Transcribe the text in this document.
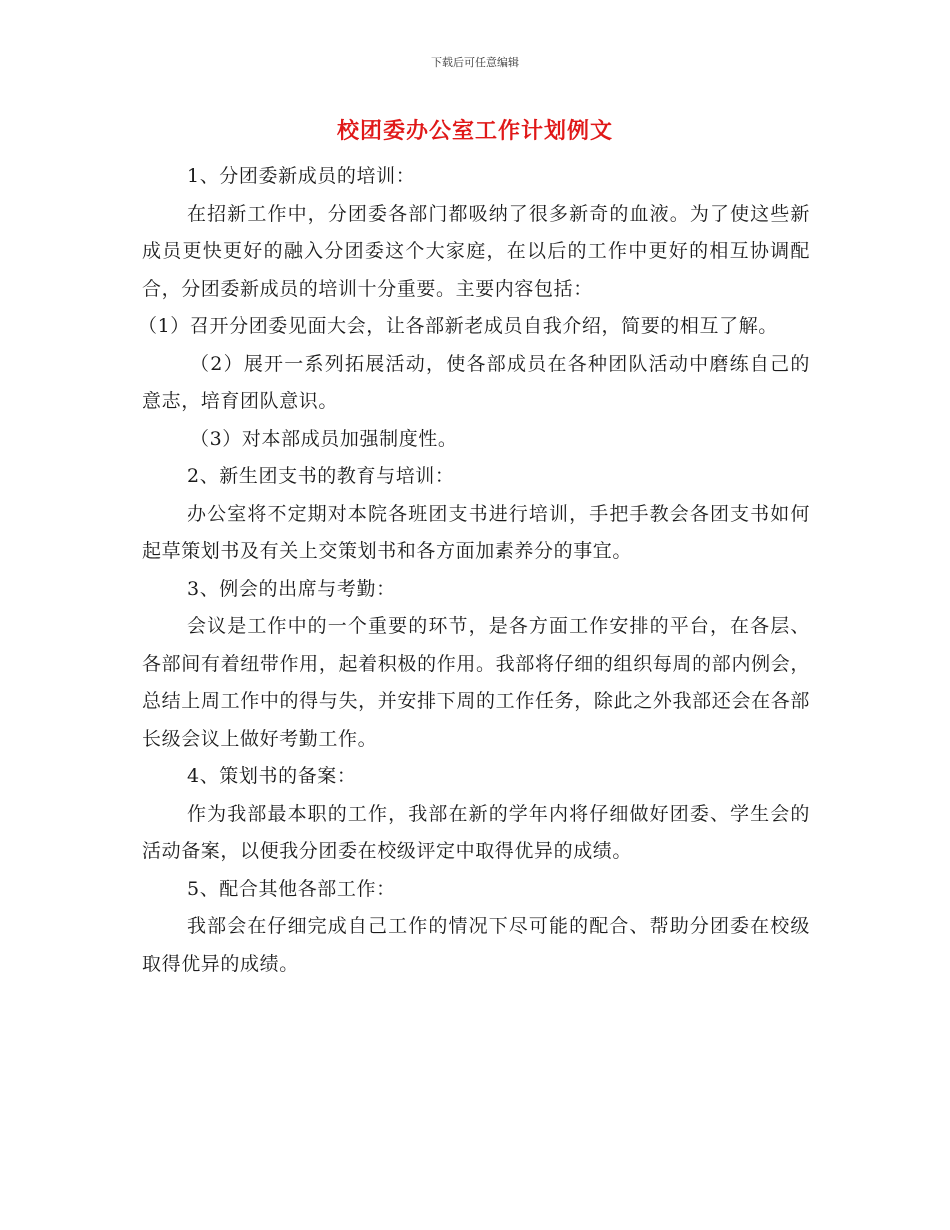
下载后可任意编辑
校团委办公室工作计划例文

1、分团委新成员的培训：

在招新工作中，分团委各部门都吸纳了很多新奇的血液。为了使这些新成员更快更好的融入分团委这个大家庭，在以后的工作中更好的相互协调配合，分团委新成员的培训十分重要。主要内容包括：

（1）召开分团委见面大会，让各部新老成员自我介绍，简要的相互了解。

（2）展开一系列拓展活动，使各部成员在各种团队活动中磨练自己的意志，培育团队意识。

（3）对本部成员加强制度性。

2、新生团支书的教育与培训：

办公室将不定期对本院各班团支书进行培训，手把手教会各团支书如何起草策划书及有关上交策划书和各方面加素养分的事宜。

3、例会的出席与考勤：

会议是工作中的一个重要的环节，是各方面工作安排的平台，在各层、各部间有着纽带作用，起着积极的作用。我部将仔细的组织每周的部内例会，总结上周工作中的得与失，并安排下周的工作任务，除此之外我部还会在各部长级会议上做好考勤工作。

4、策划书的备案：

作为我部最本职的工作，我部在新的学年内将仔细做好团委、学生会的活动备案，以便我分团委在校级评定中取得优异的成绩。

5、配合其他各部工作：

我部会在仔细完成自己工作的情况下尽可能的配合、帮助分团委在校级取得优异的成绩。
